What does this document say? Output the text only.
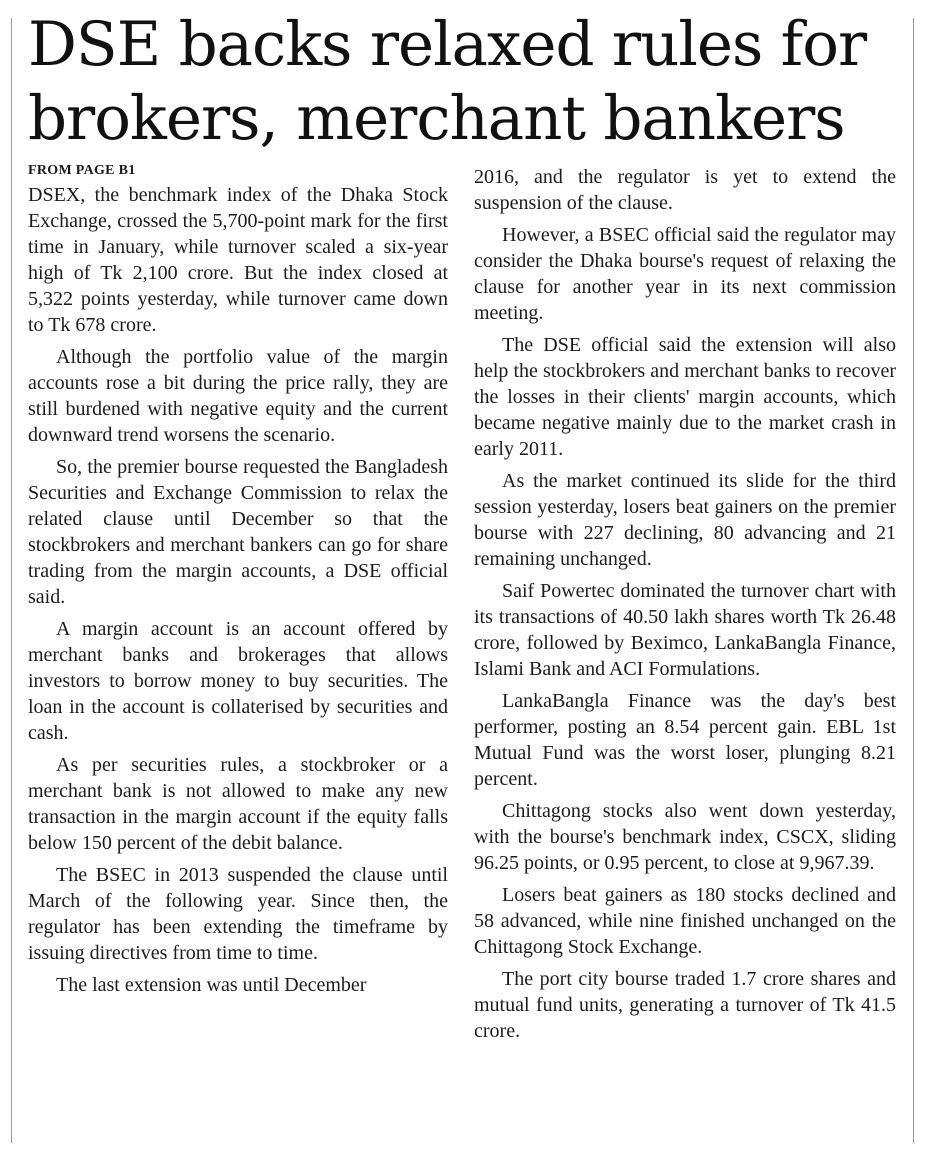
DSE backs relaxed rules for brokers, merchant bankers
FROM PAGE B1

DSEX, the benchmark index of the Dhaka Stock Exchange, crossed the 5,700-point mark for the first time in January, while turnover scaled a six-year high of Tk 2,100 crore. But the index closed at 5,322 points yesterday, while turnover came down to Tk 678 crore.

Although the portfolio value of the margin accounts rose a bit during the price rally, they are still burdened with negative equity and the current downward trend worsens the scenario.

So, the premier bourse requested the Bangladesh Securities and Exchange Commission to relax the related clause until December so that the stockbrokers and merchant bankers can go for share trading from the margin accounts, a DSE official said.

A margin account is an account offered by merchant banks and brokerages that allows investors to borrow money to buy securities. The loan in the account is collaterised by securities and cash.

As per securities rules, a stockbroker or a merchant bank is not allowed to make any new transaction in the margin account if the equity falls below 150 percent of the debit balance.

The BSEC in 2013 suspended the clause until March of the following year. Since then, the regulator has been extending the timeframe by issuing directives from time to time.

The last extension was until December

2016, and the regulator is yet to extend the suspension of the clause.

However, a BSEC official said the regulator may consider the Dhaka bourse's request of relaxing the clause for another year in its next commission meeting.

The DSE official said the extension will also help the stockbrokers and merchant banks to recover the losses in their clients' margin accounts, which became negative mainly due to the market crash in early 2011.

As the market continued its slide for the third session yesterday, losers beat gainers on the premier bourse with 227 declining, 80 advancing and 21 remaining unchanged.

Saif Powertec dominated the turnover chart with its transactions of 40.50 lakh shares worth Tk 26.48 crore, followed by Beximco, LankaBangla Finance, Islami Bank and ACI Formulations.

LankaBangla Finance was the day's best performer, posting an 8.54 percent gain. EBL 1st Mutual Fund was the worst loser, plunging 8.21 percent.

Chittagong stocks also went down yesterday, with the bourse's benchmark index, CSCX, sliding 96.25 points, or 0.95 percent, to close at 9,967.39.

Losers beat gainers as 180 stocks declined and 58 advanced, while nine finished unchanged on the Chittagong Stock Exchange.

The port city bourse traded 1.7 crore shares and mutual fund units, generating a turnover of Tk 41.5 crore.
